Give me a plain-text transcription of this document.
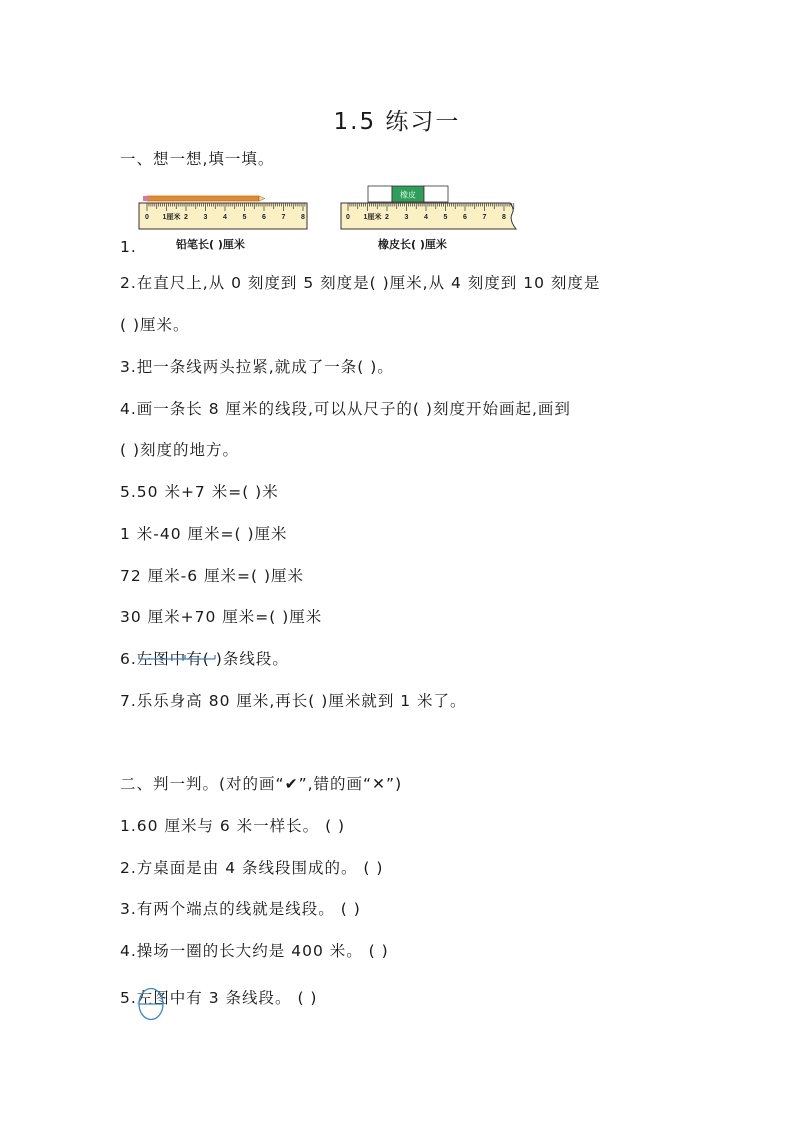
1.5 练习一
一、想一想,填一填。
1.
0 1厘米 2 3 4 5 6 7 8
铅笔长( )厘米
橡皮
0 1厘米 2 3 4 5 6 7 8
橡皮长( )厘米
2.在直尺上,从 0 刻度到 5 刻度是( )厘米,从 4 刻度到 10 刻度是
( )厘米。
3.把一条线两头拉紧,就成了一条( )。
4.画一条长 8 厘米的线段,可以从尺子的( )刻度开始画起,画到
( )刻度的地方。
5.50 米+7 米=( )米
1 米-40 厘米=( )厘米
72 厘米-6 厘米=( )厘米
30 厘米+70 厘米=( )厘米
6.
左图中有( )条线段。
7.乐乐身高 80 厘米,再长( )厘米就到 1 米了。
二、判一判。(对的画“✔”,错的画“✕”)
1.60 厘米与 6 米一样长。 ( )
2.方桌面是由 4 条线段围成的。 ( )
3.有两个端点的线就是线段。 ( )
4.操场一圈的长大约是 400 米。 ( )
5.
左图中有 3 条线段。 ( )
